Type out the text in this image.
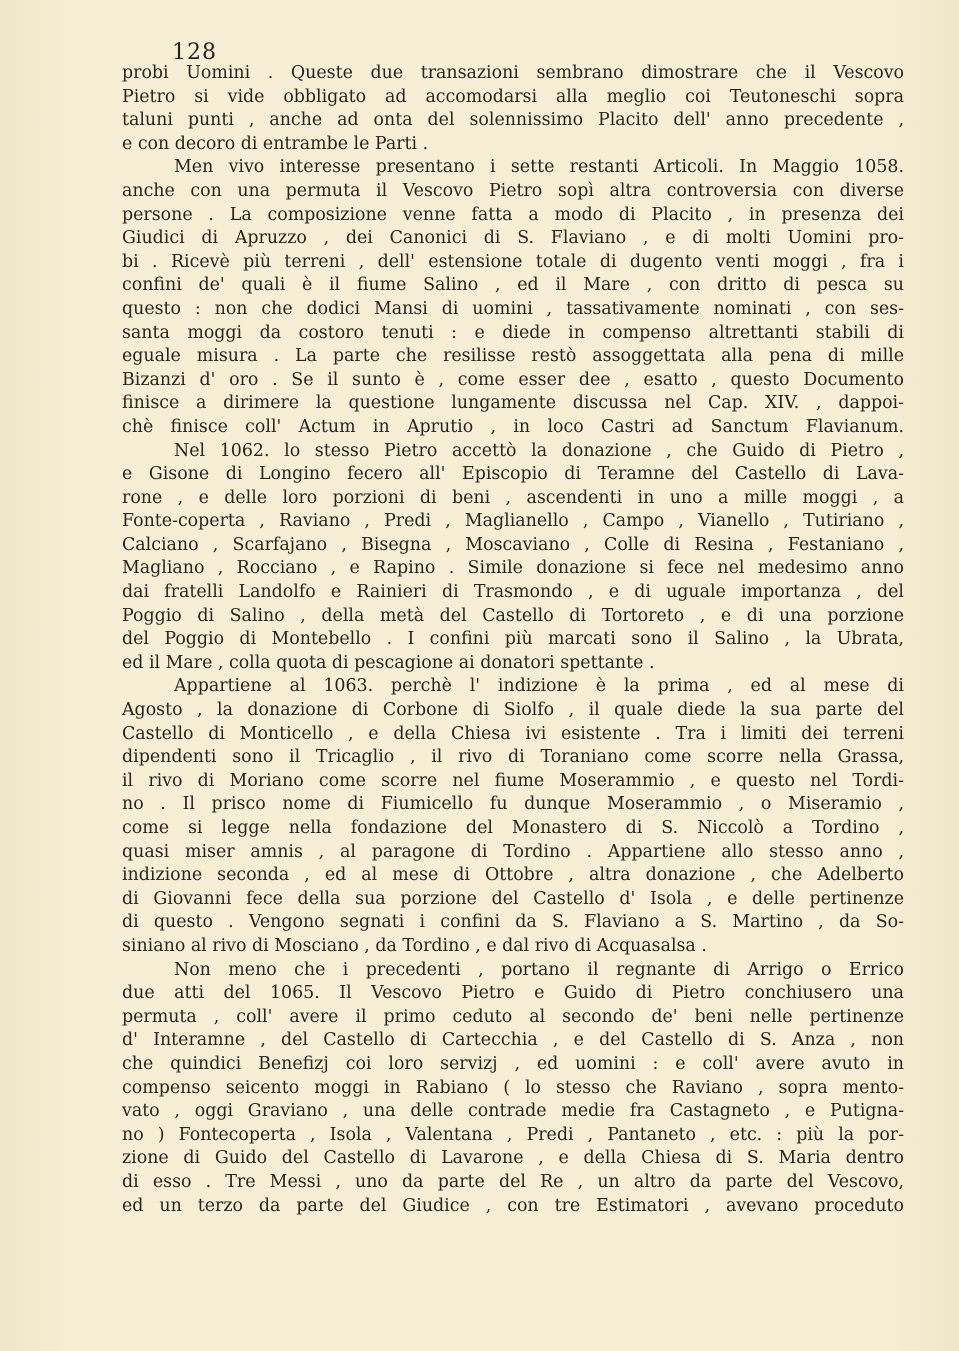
128
probi Uomini . Queste due transazioni sembrano dimostrare che il Vescovo
Pietro si vide obbligato ad accomodarsi alla meglio coi Teutoneschi sopra
taluni punti , anche ad onta del solennissimo Placito dell' anno precedente ,
e con decoro di entrambe le Parti .
Men vivo interesse presentano i sette restanti Articoli. In Maggio 1058.
anche con una permuta il Vescovo Pietro sopì altra controversia con diverse
persone . La composizione venne fatta a modo di Placito , in presenza dei
Giudici di Apruzzo , dei Canonici di S. Flaviano , e di molti Uomini pro-
bi . Ricevè più terreni , dell' estensione totale di dugento venti moggi , fra i
confini de' quali è il fiume Salino , ed il Mare , con dritto di pesca su
questo : non che dodici Mansi di uomini , tassativamente nominati , con ses-
santa moggi da costoro tenuti : e diede in compenso altrettanti stabili di
eguale misura . La parte che resilisse restò assoggettata alla pena di mille
Bizanzi d' oro . Se il sunto è , come esser dee , esatto , questo Documento
finisce a dirimere la questione lungamente discussa nel Cap. XIV. , dappoi-
chè finisce coll' Actum in Aprutio , in loco Castri ad Sanctum Flavianum.
Nel 1062. lo stesso Pietro accettò la donazione , che Guido di Pietro ,
e Gisone di Longino fecero all' Episcopio di Teramne del Castello di Lava-
rone , e delle loro porzioni di beni , ascendenti in uno a mille moggi , a
Fonte-coperta , Raviano , Predi , Maglianello , Campo , Vianello , Tutiriano ,
Calciano , Scarfajano , Bisegna , Moscaviano , Colle di Resina , Festaniano ,
Magliano , Rocciano , e Rapino . Simile donazione si fece nel medesimo anno
dai fratelli Landolfo e Rainieri di Trasmondo , e di uguale importanza , del
Poggio di Salino , della metà del Castello di Tortoreto , e di una porzione
del Poggio di Montebello . I confini più marcati sono il Salino , la Ubrata,
ed il Mare , colla quota di pescagione ai donatori spettante .
Appartiene al 1063. perchè l' indizione è la prima , ed al mese di
Agosto , la donazione di Corbone di Siolfo , il quale diede la sua parte del
Castello di Monticello , e della Chiesa ivi esistente . Tra i limiti dei terreni
dipendenti sono il Tricaglio , il rivo di Toraniano come scorre nella Grassa,
il rivo di Moriano come scorre nel fiume Moserammio , e questo nel Tordi-
no . Il prisco nome di Fiumicello fu dunque Moserammio , o Miseramio ,
come si legge nella fondazione del Monastero di S. Niccolò a Tordino ,
quasi miser amnis , al paragone di Tordino . Appartiene allo stesso anno ,
indizione seconda , ed al mese di Ottobre , altra donazione , che Adelberto
di Giovanni fece della sua porzione del Castello d' Isola , e delle pertinenze
di questo . Vengono segnati i confini da S. Flaviano a S. Martino , da So-
siniano al rivo di Mosciano , da Tordino , e dal rivo di Acquasalsa .
Non meno che i precedenti , portano il regnante di Arrigo o Errico
due atti del 1065. Il Vescovo Pietro e Guido di Pietro conchiusero una
permuta , coll' avere il primo ceduto al secondo de' beni nelle pertinenze
d' Interamne , del Castello di Cartecchia , e del Castello di S. Anza , non
che quindici Benefizj coi loro servizj , ed uomini : e coll' avere avuto in
compenso seicento moggi in Rabiano ( lo stesso che Raviano , sopra mento-
vato , oggi Graviano , una delle contrade medie fra Castagneto , e Putigna-
no ) Fontecoperta , Isola , Valentana , Predi , Pantaneto , etc. : più la por-
zione di Guido del Castello di Lavarone , e della Chiesa di S. Maria dentro
di esso . Tre Messi , uno da parte del Re , un altro da parte del Vescovo,
ed un terzo da parte del Giudice , con tre Estimatori , avevano proceduto
